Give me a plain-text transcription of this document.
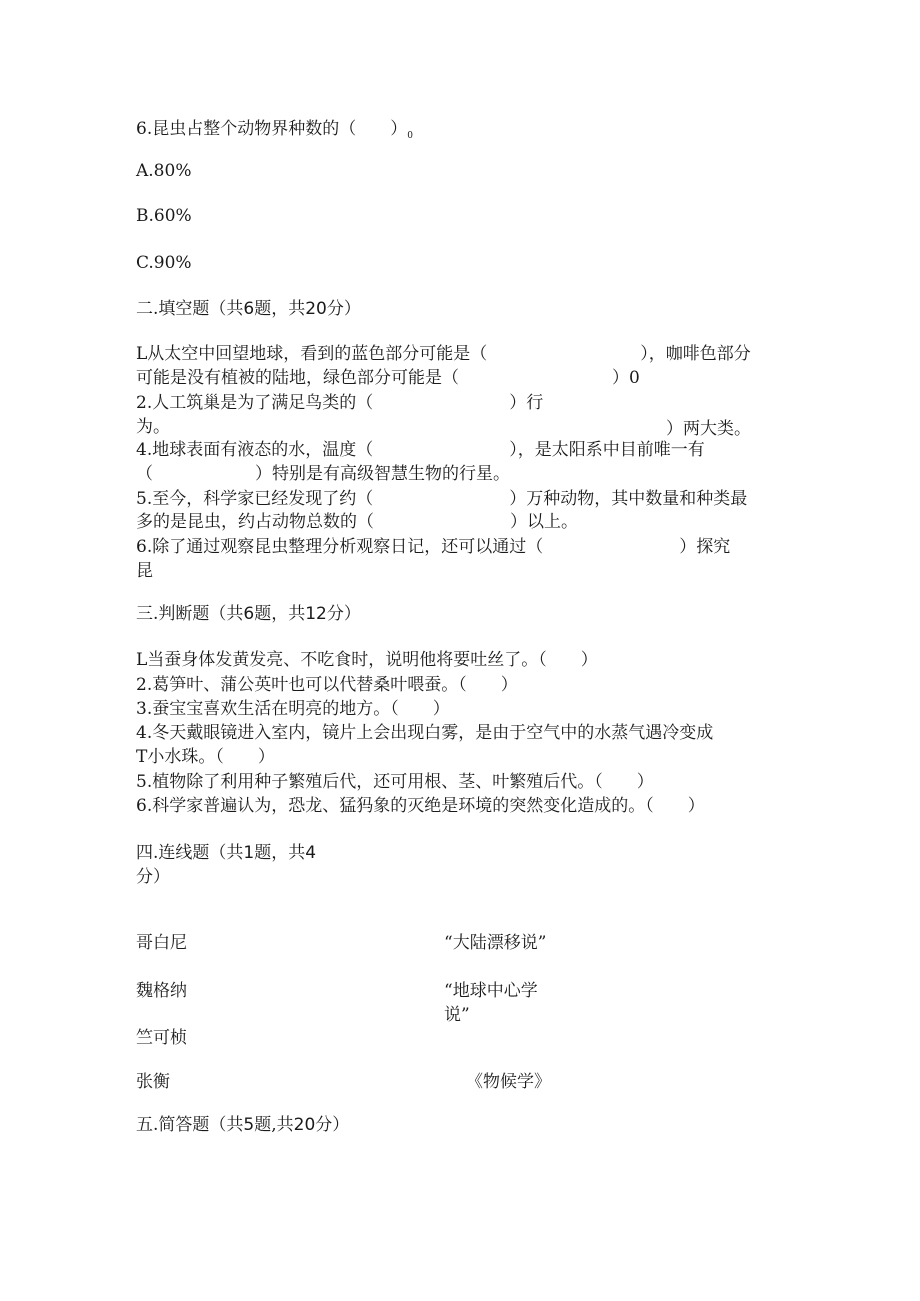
6.昆虫占整个动物界种数的（　　）$_0$
A.80%
B.60%
C.90%
二.填空题（共6题，共20分）
L从太空中回望地球，看到的蓝色部分可能是（　　　　　　　　　），咖啡色部分
可能是没有植被的陆地，绿色部分可能是（　　　　　　　　　）0
2.人工筑巢是为了满足鸟类的（　　　　　　　　）行
为。	）两大类。
4.地球表面有液态的水，温度（　　　　　　　　），是太阳系中目前唯一有
（　　　　　　）特别是有高级智慧生物的行星。
5.至今，科学家已经发现了约（　　　　　　　　）万种动物，其中数量和种类最
多的是昆虫，约占动物总数的（　　　　　　　　）以上。
6.除了通过观察昆虫整理分析观察日记，还可以通过（　　　　　　　　）探究
昆
三.判断题（共6题，共12分）
L当蚕身体发黄发亮、不吃食时，说明他将要吐丝了。（　　）
2.葛笋叶、蒲公英叶也可以代替桑叶喂蚕。（　　）
3.蚕宝宝喜欢生活在明亮的地方。（　　）
4.冬天戴眼镜进入室内，镜片上会出现白雾，是由于空气中的水蒸气遇冷变成
T小水珠。（　　）
5.植物除了利用种子繁殖后代，还可用根、茎、叶繁殖后代。（　　）
6.科学家普遍认为，恐龙、猛犸象的灭绝是环境的突然变化造成的。（　　）
四.连线题（共1题，共4
分）
哥白尼
魏格纳
竺可桢
张衡
“大陆漂移说”
“地球中心学
说”
《物候学》
五.简答题（共5题,共20分）
